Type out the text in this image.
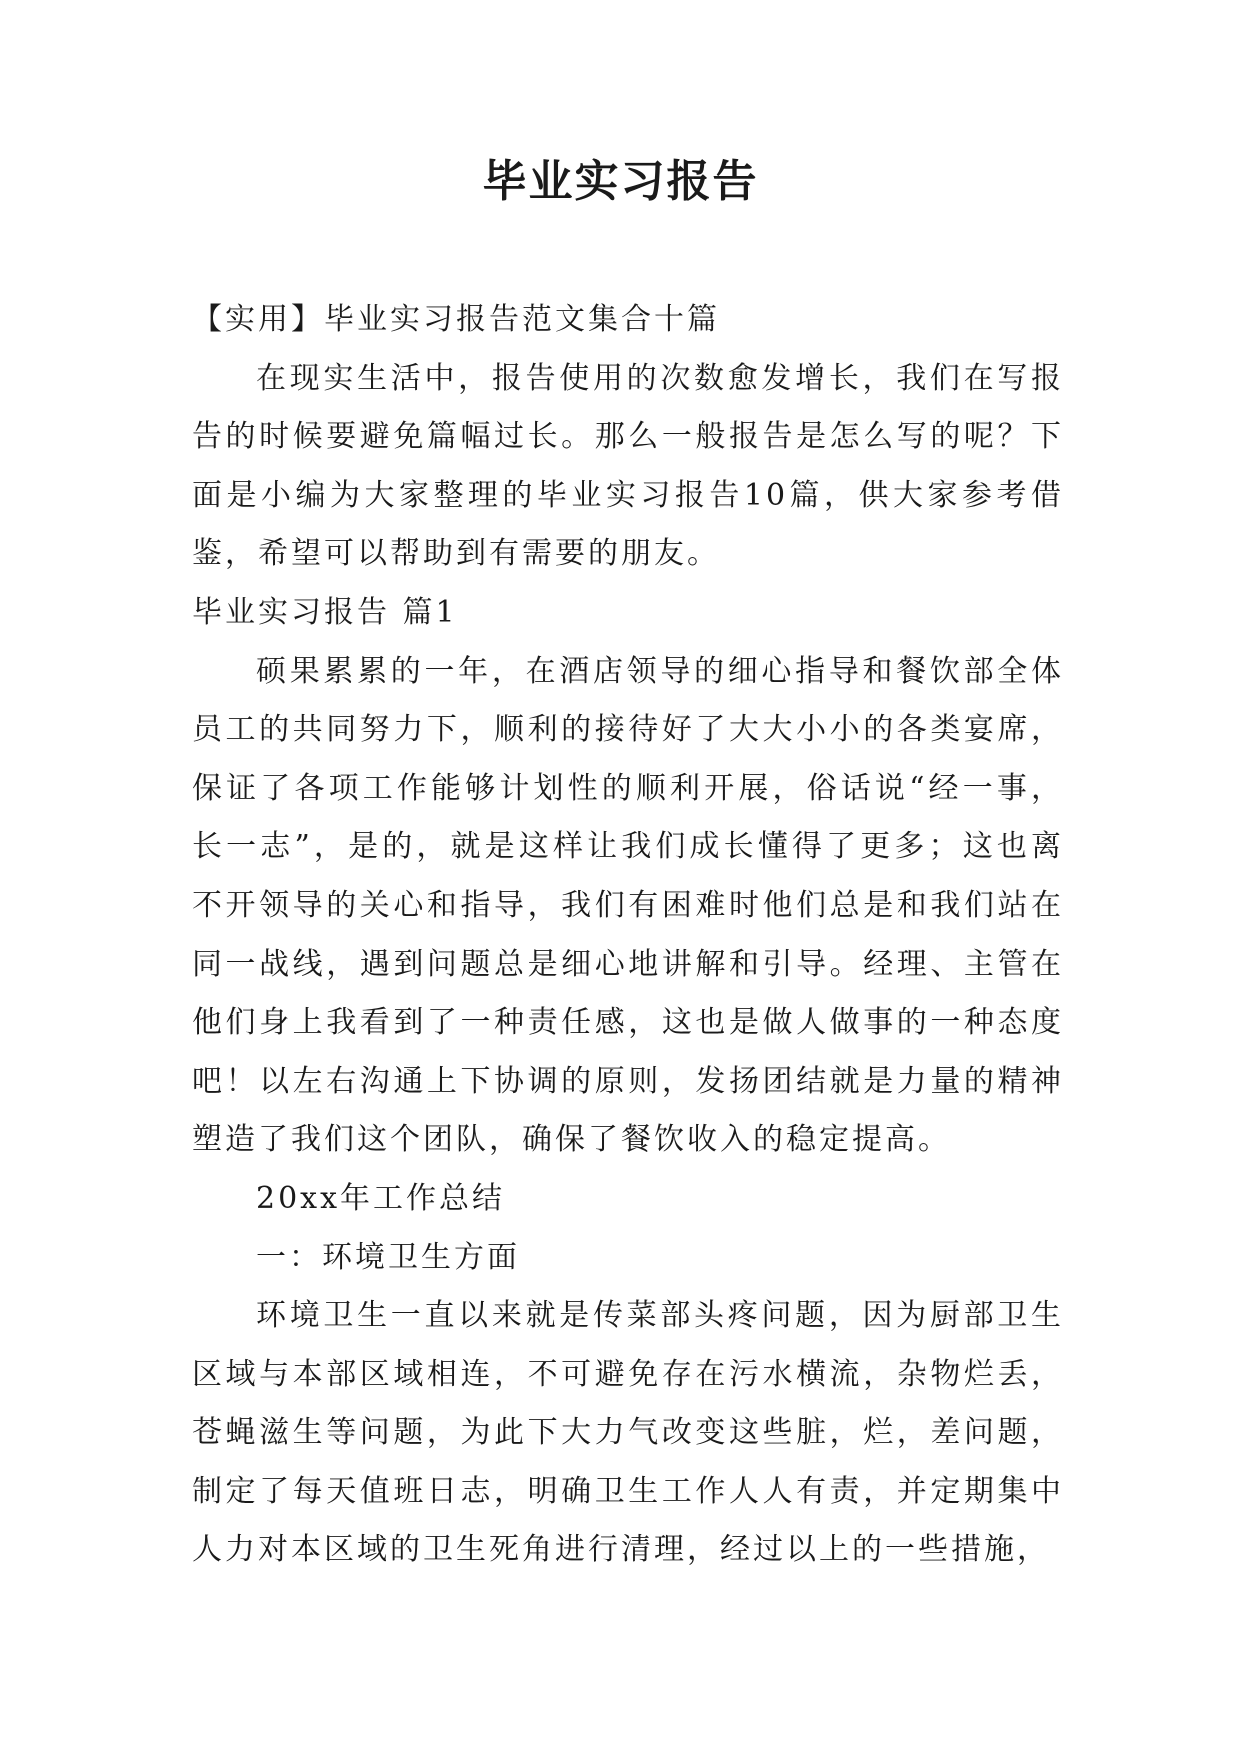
毕业实习报告

【实用】毕业实习报告范文集合十篇

在现实生活中，报告使用的次数愈发增长，我们在写报告的时候要避免篇幅过长。那么一般报告是怎么写的呢？下面是小编为大家整理的毕业实习报告10篇，供大家参考借鉴，希望可以帮助到有需要的朋友。

毕业实习报告 篇1

硕果累累的一年，在酒店领导的细心指导和餐饮部全体员工的共同努力下，顺利的接待好了大大小小的各类宴席，保证了各项工作能够计划性的顺利开展，俗话说“经一事，长一志”，是的，就是这样让我们成长懂得了更多；这也离不开领导的关心和指导，我们有困难时他们总是和我们站在同一战线，遇到问题总是细心地讲解和引导。经理、主管在他们身上我看到了一种责任感，这也是做人做事的一种态度吧！以左右沟通上下协调的原则，发扬团结就是力量的精神塑造了我们这个团队，确保了餐饮收入的稳定提高。

20xx年工作总结

一：环境卫生方面

环境卫生一直以来就是传菜部头疼问题，因为厨部卫生区域与本部区域相连，不可避免存在污水横流，杂物烂丢，苍蝇滋生等问题，为此下大力气改变这些脏，烂，差问题，制定了每天值班日志，明确卫生工作人人有责，并定期集中人力对本区域的卫生死角进行清理，经过以上的一些措施，
